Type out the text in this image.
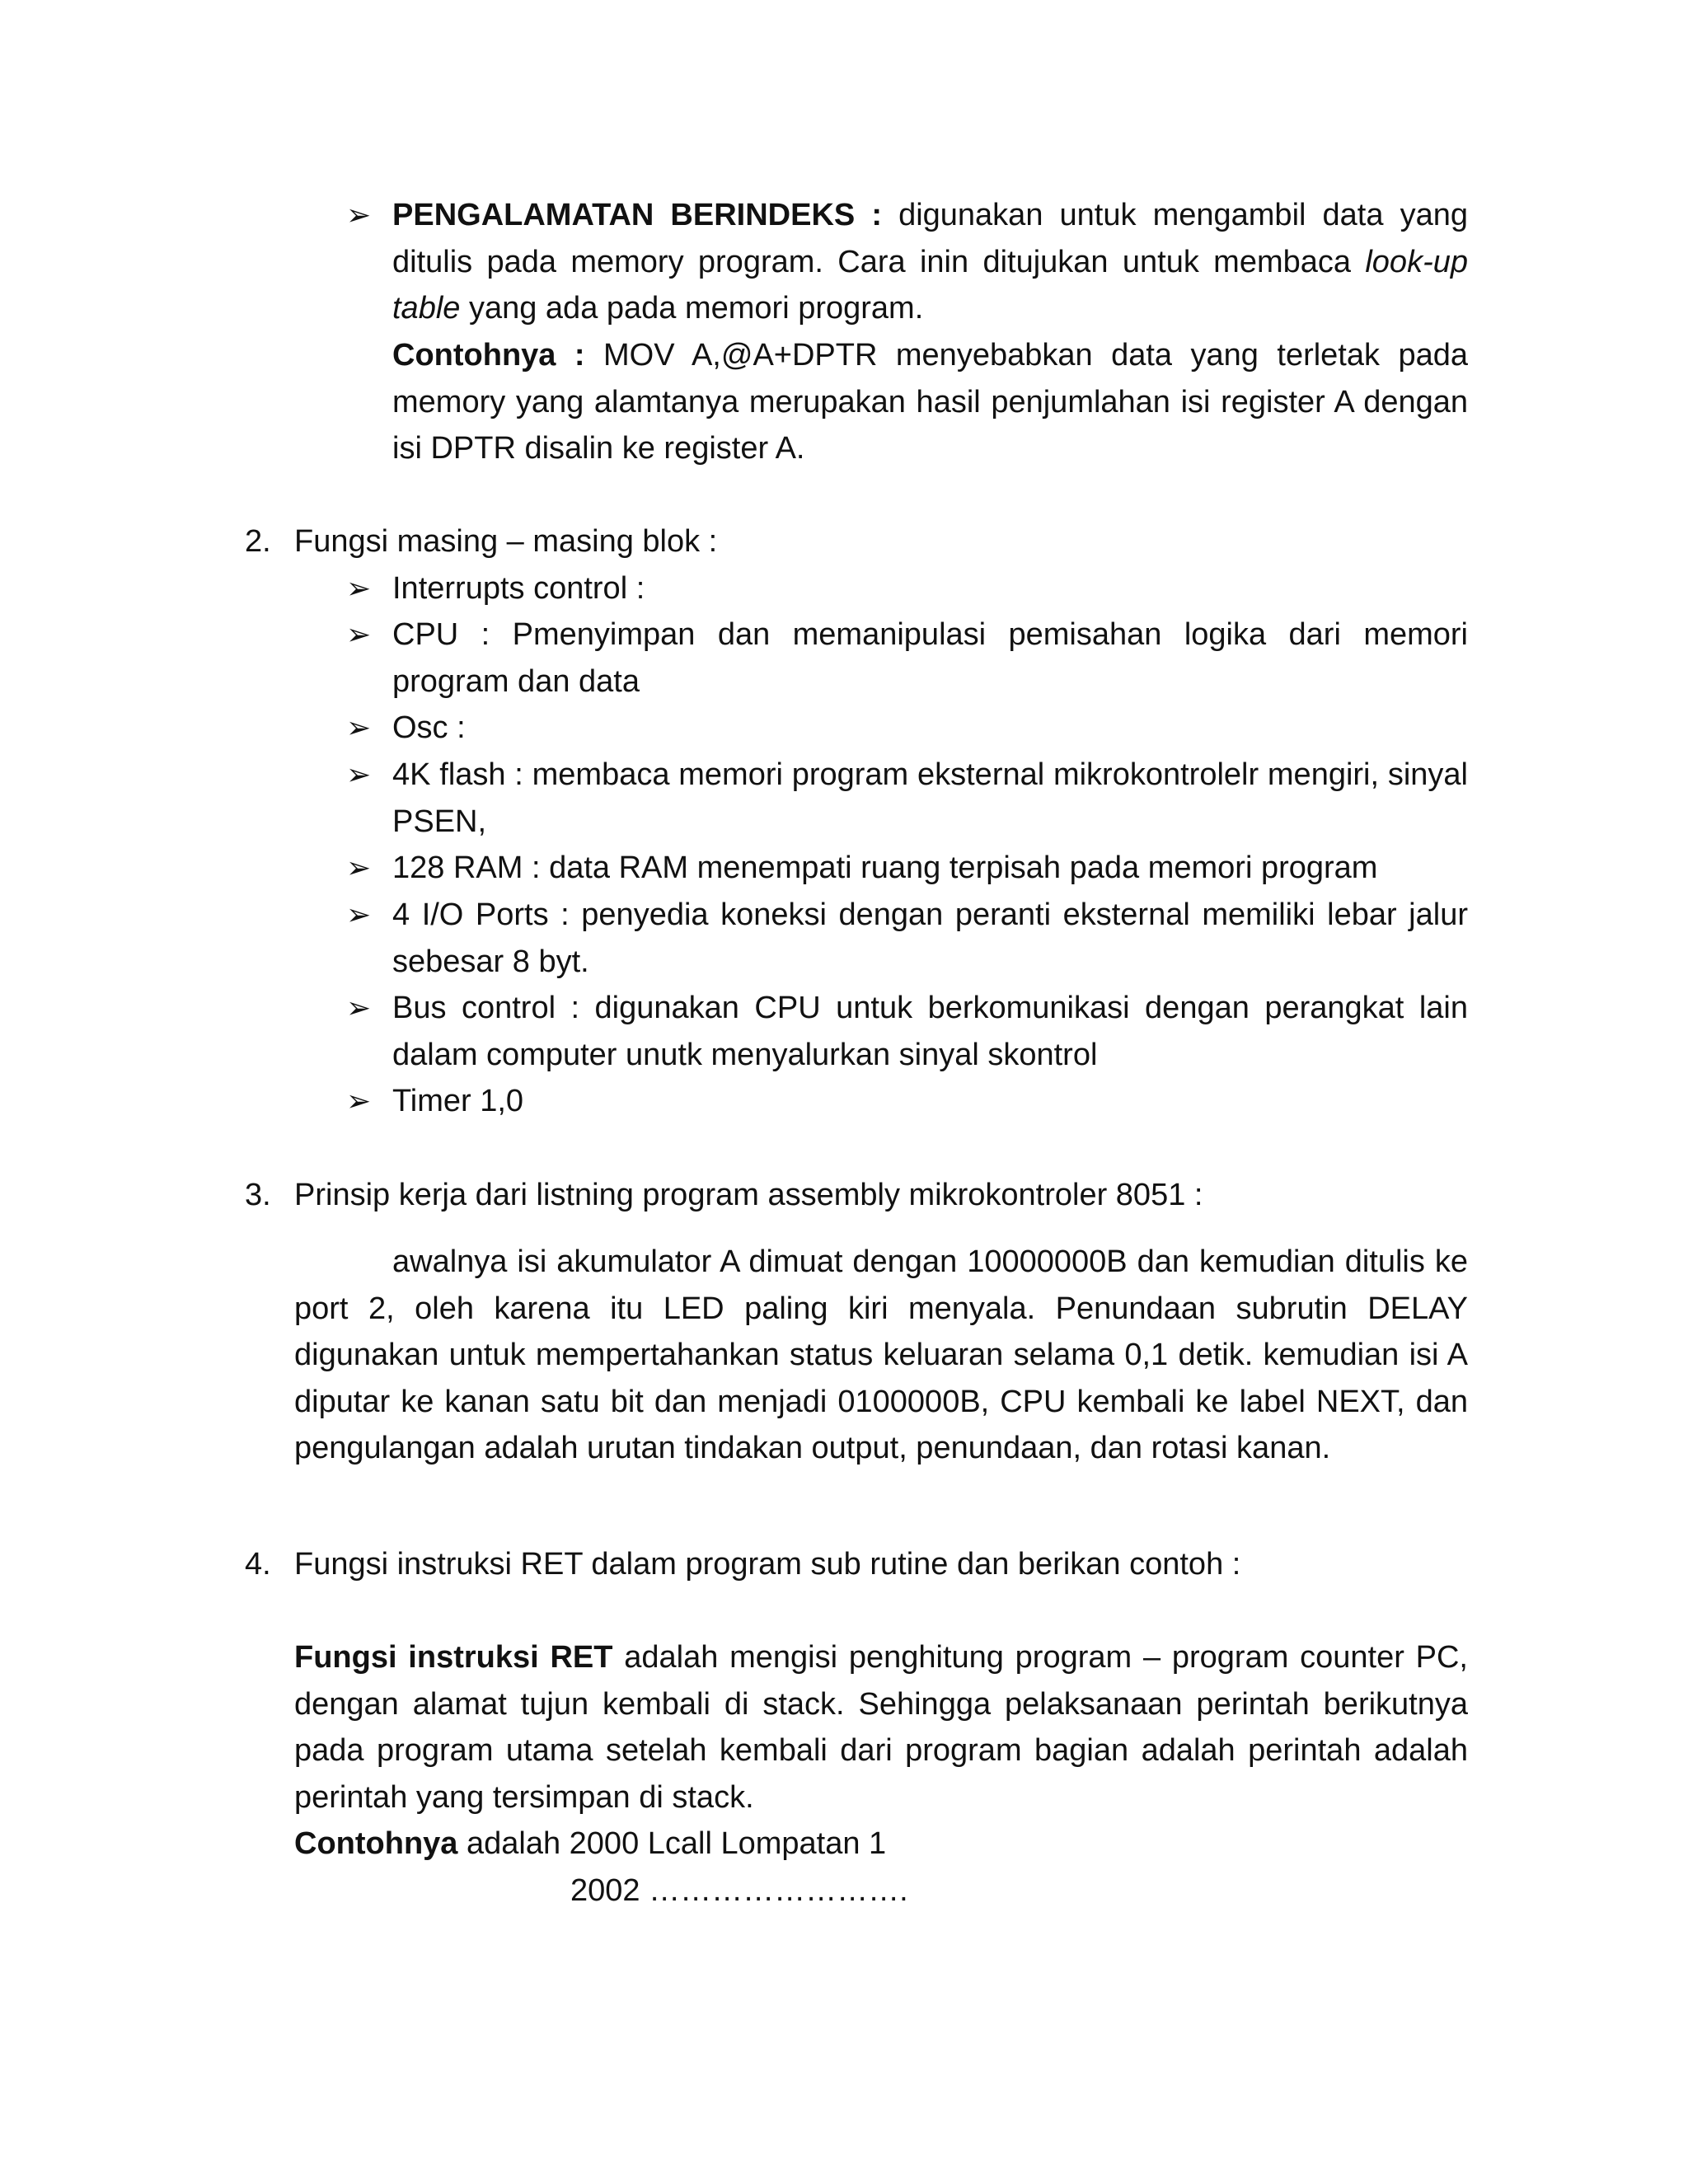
➢ PENGALAMATAN BERINDEKS : digunakan untuk mengambil data yang ditulis pada memory program. Cara inin ditujukan untuk membaca look-up table yang ada pada memori program.
Contohnya : MOV A,@A+DPTR menyebabkan data yang terletak pada memory yang alamtanya merupakan hasil penjumlahan isi register A dengan isi DPTR disalin ke register A.
2. Fungsi masing – masing blok :
➢ Interrupts control :
➢ CPU : Pmenyimpan dan memanipulasi pemisahan logika dari memori program dan data
➢ Osc :
➢ 4K flash : membaca memori program eksternal mikrokontrolelr mengiri, sinyal PSEN,
➢ 128 RAM : data RAM menempati ruang terpisah pada memori program
➢ 4 I/O Ports : penyedia koneksi dengan peranti eksternal memiliki lebar jalur sebesar 8 byt.
➢ Bus control : digunakan CPU untuk berkomunikasi dengan perangkat lain dalam computer unutk menyalurkan sinyal skontrol
➢ Timer 1,0
3. Prinsip kerja dari listning program assembly mikrokontroler 8051 :
awalnya isi akumulator A dimuat dengan 10000000B dan kemudian ditulis ke port 2, oleh karena itu LED paling kiri menyala. Penundaan subrutin DELAY digunakan untuk mempertahankan status keluaran selama 0,1 detik. kemudian isi A diputar ke kanan satu bit dan menjadi 0100000B, CPU kembali ke label NEXT, dan pengulangan adalah urutan tindakan output, penundaan, dan rotasi kanan.
4. Fungsi instruksi RET dalam program sub rutine dan berikan contoh :
Fungsi instruksi RET adalah mengisi penghitung program – program counter PC, dengan alamat tujun kembali di stack. Sehingga pelaksanaan perintah berikutnya pada program utama setelah kembali dari program bagian adalah perintah adalah perintah yang tersimpan di stack.
Contohnya adalah 2000 Lcall Lompatan 1
2002 …………………….
